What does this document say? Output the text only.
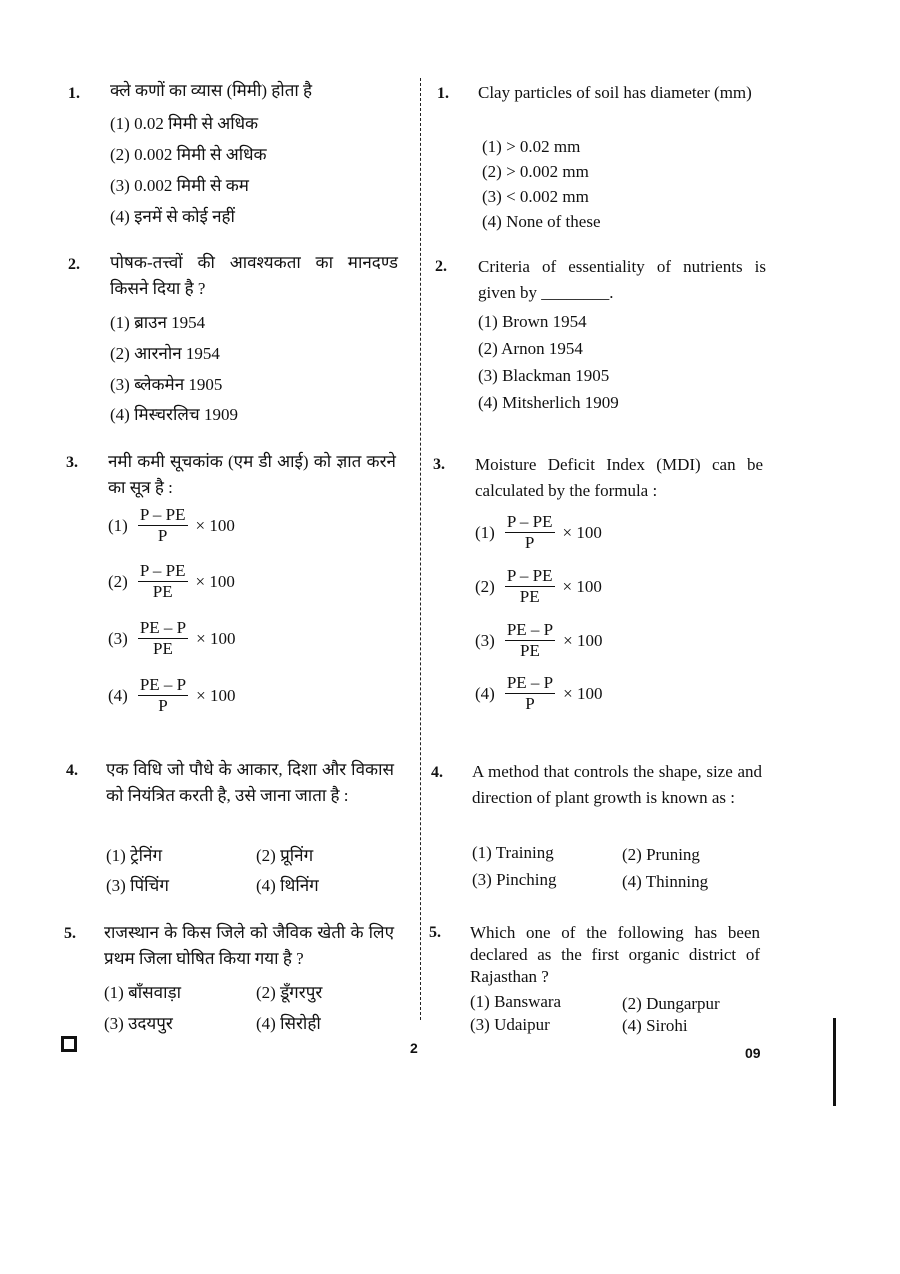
1. क्ले कणों का व्यास (मिमी) होता है
(1) 0.02 मिमी से अधिक
(2) 0.002 मिमी से अधिक
(3) 0.002 मिमी से कम
(4) इनमें से कोई नहीं
2. पोषक-तत्त्वों की आवश्यकता का मानदण्ड किसने दिया है ?
(1) ब्राउन 1954
(2) आरनोन 1954
(3) ब्लेकमेन 1905
(4) मिस्चरलिच 1909
3. नमी कमी सूचकांक (एम डी आई) को ज्ञात करने का सूत्र है :
$(1) \frac{P - PE}{P} \times 100$
$(2) \frac{P - PE}{PE} \times 100$
$(3) \frac{PE - P}{PE} \times 100$
$(4) \frac{PE - P}{P} \times 100$
4. एक विधि जो पौधे के आकार, दिशा और विकास को नियंत्रित करती है, उसे जाना जाता है :
(1) ट्रेनिंग	(2) प्रूनिंग
(3) पिंचिंग	(4) थिनिंग
5. राजस्थान के किस जिले को जैविक खेती के लिए प्रथम जिला घोषित किया गया है ?
(1) बाँसवाड़ा	(2) डूँगरपुर
(3) उदयपुर	(4) सिरोही
1. Clay particles of soil has diameter (mm)
(1) > 0.02 mm
(2) > 0.002 mm
(3) < 0.002 mm
(4) None of these
2. Criteria of essentiality of nutrients is given by ________.
(1) Brown 1954
(2) Arnon 1954
(3) Blackman 1905
(4) Mitsherlich 1909
3. Moisture Deficit Index (MDI) can be calculated by the formula :
$(1) \frac{P - PE}{P} \times 100$
$(2) \frac{P - PE}{PE} \times 100$
$(3) \frac{PE - P}{PE} \times 100$
$(4) \frac{PE - P}{P} \times 100$
4. A method that controls the shape, size and direction of plant growth is known as :
(1) Training	(2) Pruning
(3) Pinching	(4) Thinning
5. Which one of the following has been declared as the first organic district of Rajasthan ?
(1) Banswara	(2) Dungarpur
(3) Udaipur	(4) Sirohi
2	09
